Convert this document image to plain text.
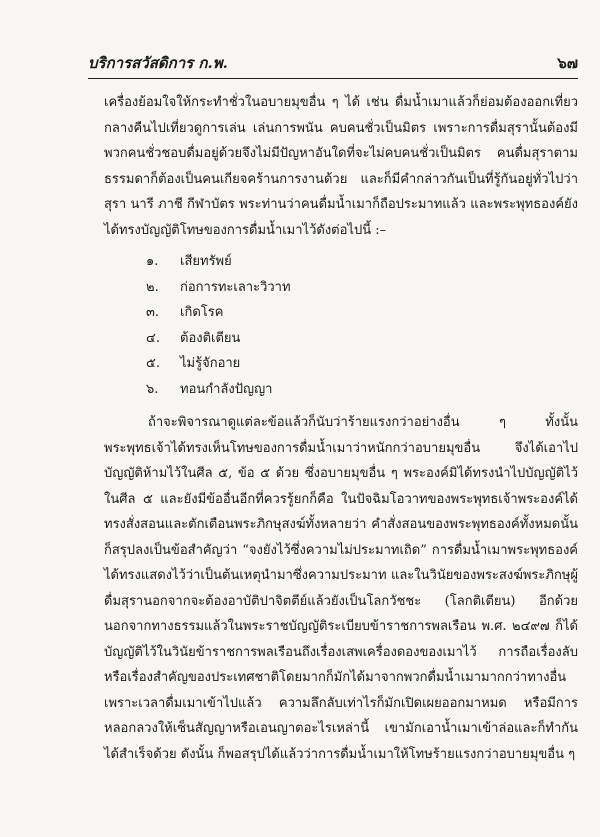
บริการสวัสดิการ ก.พ.	๖๗

เครื่องย้อมใจให้กระทำชั่วในอบายมุขอื่น ๆ ได้ เช่น ดื่มน้ำเมาแล้วก็ย่อมต้องออกเที่ยวกลางคืนไปเที่ยวดูการเล่น เล่นการพนัน คบคนชั่วเป็นมิตร เพราะการดื่มสุรานั้นต้องมีพวกคนชั่วชอบดื่มอยู่ด้วยจึงไม่มีปัญหาอันใดที่จะไม่คบคนชั่วเป็นมิตร คนดื่มสุราตามธรรมดาก็ต้องเป็นคนเกียจคร้านการงานด้วย และก็มีคำกล่าวกันเป็นที่รู้กันอยู่ทั่วไปว่า สุรา นารี ภาชี กีฬาบัตร พระท่านว่าคนดื่มน้ำเมาก็ถือประมาทแล้ว และพระพุทธองค์ยังได้ทรงบัญญัติโทษของการดื่มน้ำเมาไว้ดังต่อไปนี้ :–

๑. เสียทรัพย์
๒. ก่อการทะเลาะวิวาท
๓. เกิดโรค
๔. ต้องติเตียน
๕. ไม่รู้จักอาย
๖. ทอนกำลังปัญญา

ถ้าจะพิจารณาดูแต่ละข้อแล้วก็นับว่าร้ายแรงกว่าอย่างอื่น ๆ ทั้งนั้น พระพุทธเจ้าได้ทรงเห็นโทษของการดื่มน้ำเมาว่าหนักกว่าอบายมุขอื่น จึงได้เอาไปบัญญัติห้ามไว้ในศีล ๕, ข้อ ๕ ด้วย ซึ่งอบายมุขอื่น ๆ พระองค์มิได้ทรงนำไปบัญญัติไว้ในศีล ๕ และยังมีข้ออื่นอีกที่ควรรู้ยกก็คือ ในปัจฉิมโอวาทของพระพุทธเจ้าพระองค์ได้ทรงสั่งสอนและตักเตือนพระภิกษุสงฆ์ทั้งหลายว่า คำสั่งสอนของพระพุทธองค์ทั้งหมดนั้นก็สรุปลงเป็นข้อสำคัญว่า “จงยังไว้ซึ่งความไม่ประมาทเถิด” การดื่มน้ำเมาพระพุทธองค์ได้ทรงแสดงไว้ว่าเป็นต้นเหตุนำมาซึ่งความประมาท และในวินัยของพระสงฆ์พระภิกษุผู้ดื่มสุรานอกจากจะต้องอาบัติปาจิตตีย์แล้วยังเป็นโลกวัชชะ (โลกติเตียน) อีกด้วย นอกจากทางธรรมแล้วในพระราชบัญญัติระเบียบข้าราชการพลเรือน พ.ศ. ๒๔๙๗ ก็ได้บัญญัติไว้ในวินัยข้าราชการพลเรือนถึงเรื่องเสพเครื่องดองของเมาไว้ การถือเรื่องลับหรือเรื่องสำคัญของประเทศชาติโดยมากก็มักได้มาจากพวกดื่มน้ำเมามากกว่าทางอื่น เพราะเวลาดื่มเมาเข้าไปแล้ว ความลึกลับเท่าไรก็มักเปิดเผยออกมาหมด หรือมีการหลอกลวงให้เซ็นสัญญาหรือเอนญาตอะไรเหล่านี้ เขามักเอาน้ำเมาเข้าล่อและก็ทำกันได้สำเร็จด้วย ดังนั้น ก็พอสรุปได้แล้วว่าการดื่มน้ำเมาให้โทษร้ายแรงกว่าอบายมุขอื่น ๆ
